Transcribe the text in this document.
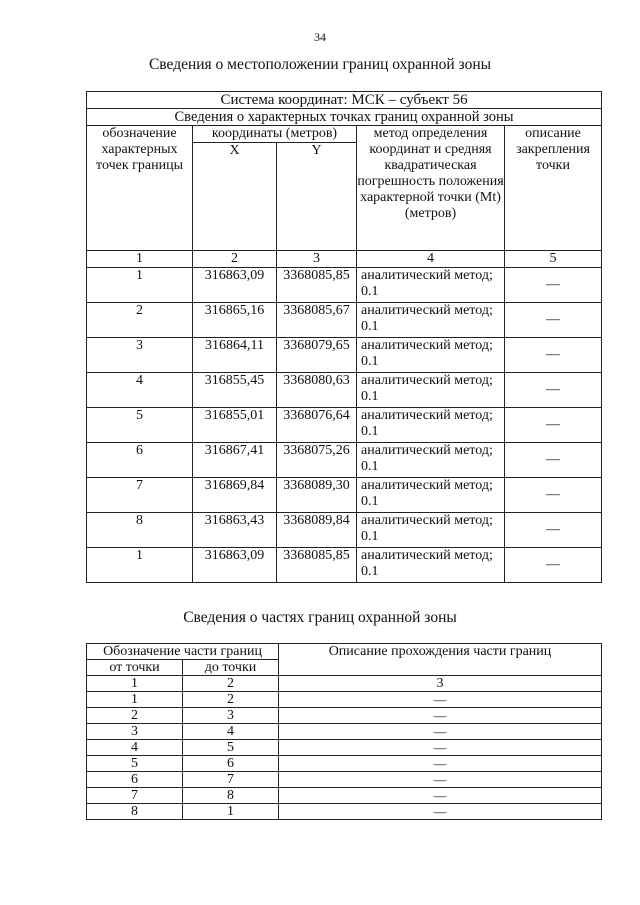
34
Сведения о местоположении границ охранной зоны
Система координат: МСК – субъект 56				
Сведения о характерных точках границ охранной зоны				
обозначение характерных точек границы	координаты (метров)		метод определения координат и средняя квадратическая погрешность положения характерной точки (Mt) (метров)	описание закрепления точки
	X	Y		
1	2	3	4	5
1	316863,09	3368085,85	аналитический метод; 0.1	—
2	316865,16	3368085,67	аналитический метод; 0.1	—
3	316864,11	3368079,65	аналитический метод; 0.1	—
4	316855,45	3368080,63	аналитический метод; 0.1	—
5	316855,01	3368076,64	аналитический метод; 0.1	—
6	316867,41	3368075,26	аналитический метод; 0.1	—
7	316869,84	3368089,30	аналитический метод; 0.1	—
8	316863,43	3368089,84	аналитический метод; 0.1	—
1	316863,09	3368085,85	аналитический метод; 0.1	—
Сведения о частях границ охранной зоны
Обозначение части границ		Описание прохождения части границ
от точки	до точки	
1	2	3
1	2	—
2	3	—
3	4	—
4	5	—
5	6	—
6	7	—
7	8	—
8	1	—
